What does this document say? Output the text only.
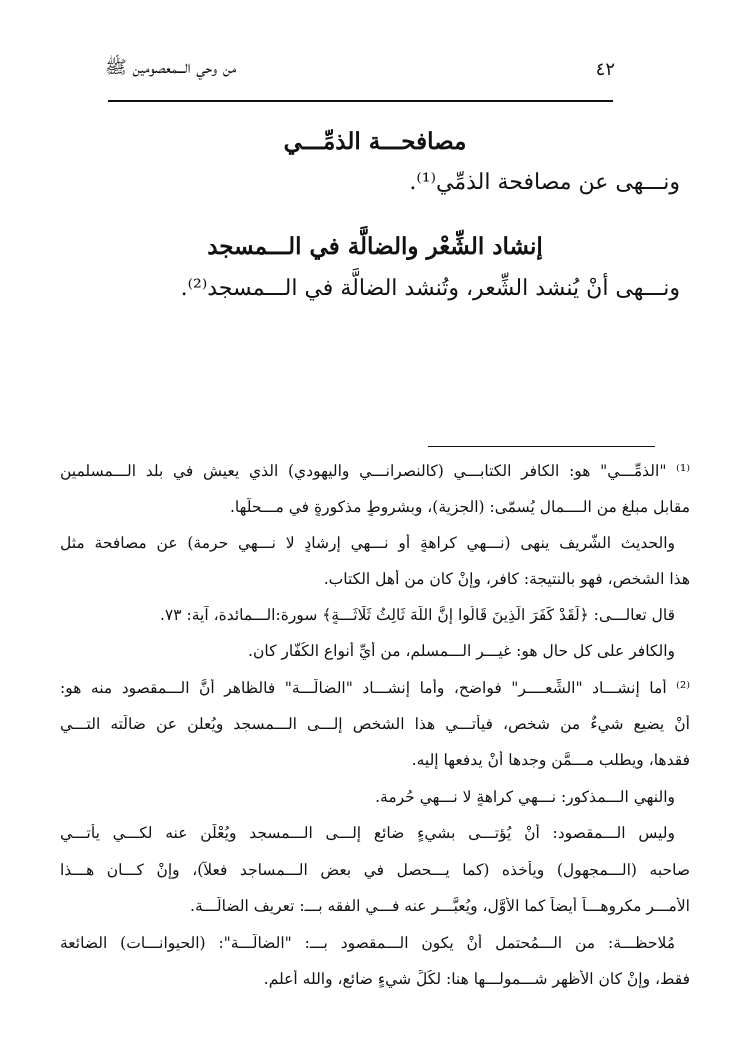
٤٢
من وحي الـــمعصومين ﷺ
مصافحـــة الذمِّـــي
ونـــهى عن مصافحة الذمِّي⁽¹⁾.
إنشاد الشِّعْر والضالَّة في الـــمسجد
ونـــهى أنْ يُنشد الشِّعر، وتُنشد الضالَّة في الـــمسجد⁽²⁾.
⁽¹⁾ "الذمِّـــي" هو: الكافر الكتابـــي (كالنصرانـــي واليهودي) الذي يعيش في بلد الـــمسلمين
مقابل مبلغٍ من الــــمال يُسمّى: (الجزية)، وبشروطٍ مذكورةٍ في مـــحلّها.
والحديث الشّريف ينهى (نـــهي كراهةٍ أو نـــهي إرشادٍ لا نـــهي حرمة) عن مصافحة مثل
هذا الشخص، فهو بالنتيجة: كافر، وإنْ كان من أهل الكتاب.
قال تعالـــى: ﴿لَقَدْ كَفَرَ الَّذِينَ قَالُوا إِنَّ اللَّهَ ثَالِثُ ثَلَاثَـــةٍ﴾ سورة:الـــمائدة، آية: ٧٣.
والكافر على كل حال هو: غيـــر الـــمسلم، من أيِّ أنواع الكُفّار كان.
⁽²⁾ أما إنشـــاد "الشِّعــــر" فواضح، وأما إنشـــاد "الضالَّـــة" فالظاهر أنَّ الـــمقصود منه هو:
أنْ يضيع شيءٌ من شخصٍ، فيأتـــي هذا الشخص إلـــى الـــمسجد ويُعلن عن ضالَّته التـــي
فقدها، ويطلب مـــمَّن وجدها أنْ يدفعها إليه.
والنهي الـــمذكور: نـــهي كراهةٍ لا نـــهي حُرمة.
وليس الـــمقصود: أنْ يُؤتـــى بشيءٍ ضائعٍ إلـــى الـــمسجد ويُعْلَن عنه لكـــي يأتـــي
صاحبه (الـــمجهول) ويأخذه (كما يـــحصل في بعض الـــمساجد فعلاً)، وإنْ كـــان هـــذا
الأمـــر مكروهـــاً أيضاً كما الأوَّل، ويُعبَّـــر عنه فـــي الفقه بـــ: تعريف الضالَّـــة.
مُلاحظـــة: من الـــمُحتمل أنْ يكون الـــمقصود بـــ: "الضالَّـــة": (الحيوانـــات) الضائعة
فقط، وإنْ كان الأظهر شـــمولـــها هنا: لكُلِّ شيءٍ ضائع، والله أعلم.
